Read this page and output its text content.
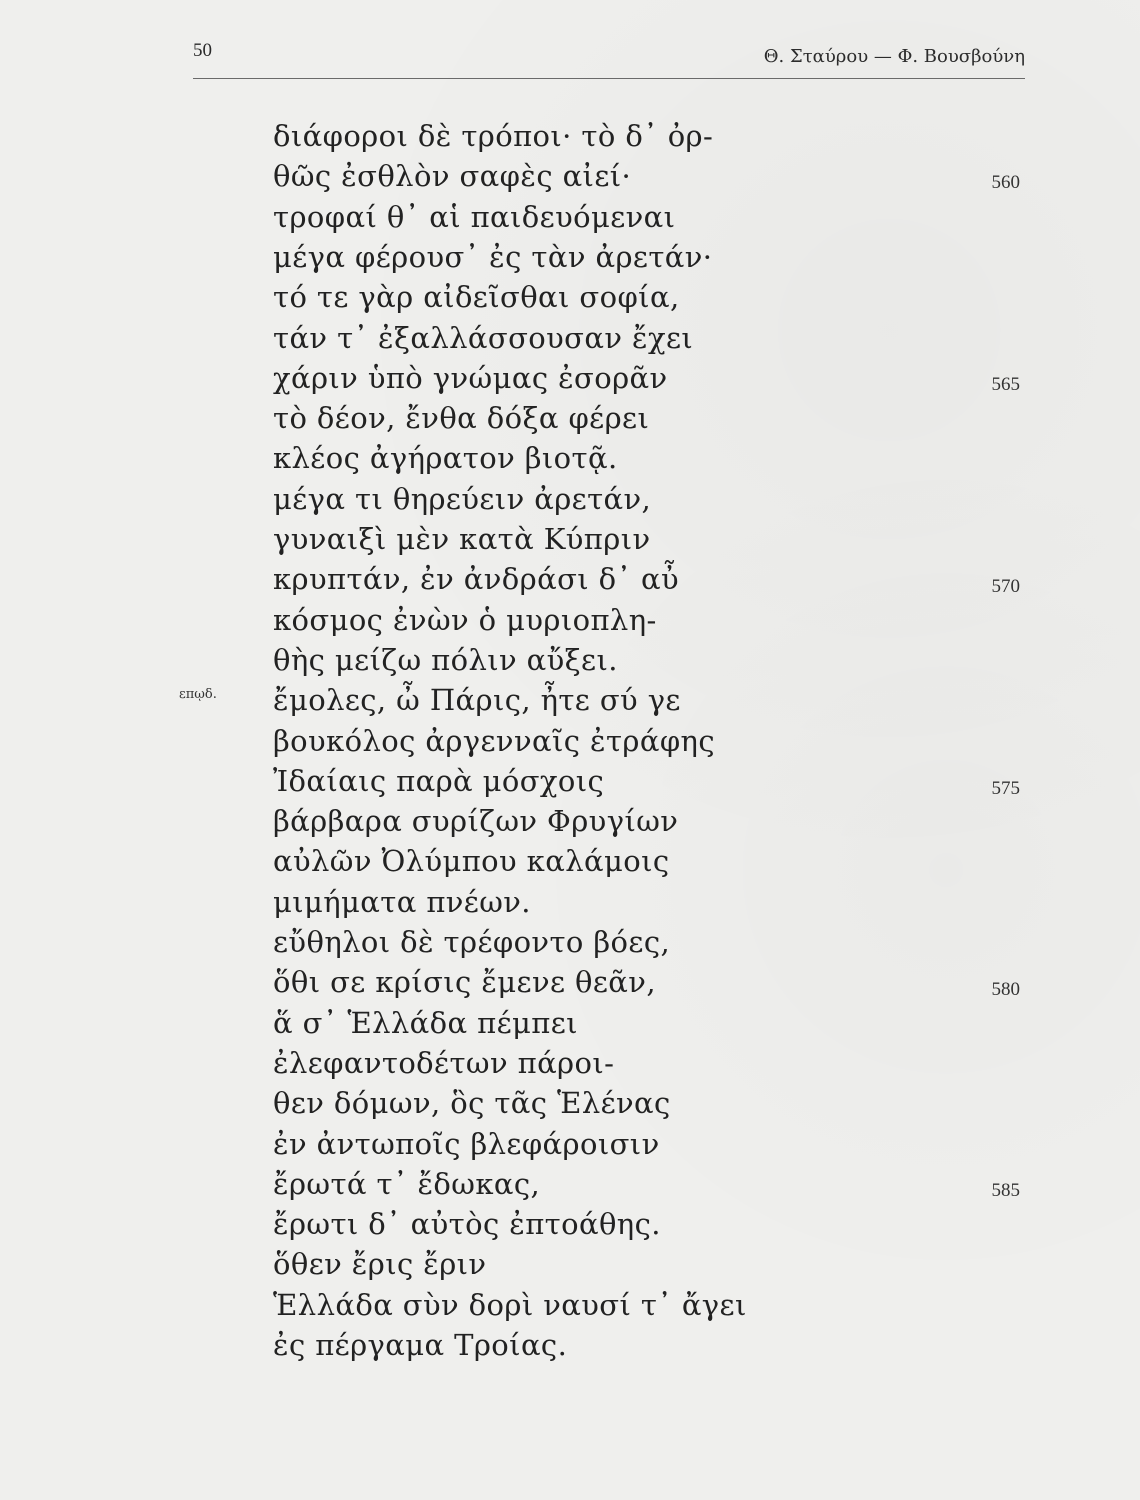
50	Θ. Σταύρου — Φ. Βουσβούνη
επῳδ.
διάφοροι δὲ τρόποι· τὸ δ᾽ ὀρ-
θῶς ἐσθλὸν σαφὲς αἰεί·
τροφαί θ᾽ αἱ παιδευόμεναι
μέγα φέρουσ᾽ ἐς τὰν ἀρετάν·
τό τε γὰρ αἰδεῖσθαι σοφία,
τάν τ᾽ ἐξαλλάσσουσαν ἔχει
χάριν ὑπὸ γνώμας ἐσορᾶν
τὸ δέον, ἔνθα δόξα φέρει
κλέος ἀγήρατον βιοτᾷ.
μέγα τι θηρεύειν ἀρετάν,
γυναιξὶ μὲν κατὰ Κύπριν
κρυπτάν, ἐν ἀνδράσι δ᾽ αὖ
κόσμος ἐνὼν ὁ μυριοπλη-
θὴς μείζω πόλιν αὔξει.
ἔμολες, ὦ Πάρις, ἦτε σύ γε
βουκόλος ἀργενναῖς ἐτράφης
Ἰδαίαις παρὰ μόσχοις
βάρβαρα συρίζων Φρυγίων
αὐλῶν Ὀλύμπου καλάμοις
μιμήματα πνέων.
εὔθηλοι δὲ τρέφοντο βόες,
ὅθι σε κρίσις ἔμενε θεᾶν,
ἅ σ᾽ Ἑλλάδα πέμπει
ἐλεφαντοδέτων πάροι-
θεν δόμων, ὃς τᾶς Ἑλένας
ἐν ἀντωποῖς βλεφάροισιν
ἔρωτά τ᾽ ἔδωκας,
ἔρωτι δ᾽ αὐτὸς ἐπτοάθης.
ὅθεν ἔρις ἔριν
Ἑλλάδα σὺν δορὶ ναυσί τ᾽ ἄγει
ἐς πέργαμα Τροίας.
560
565
570
575
580
585
